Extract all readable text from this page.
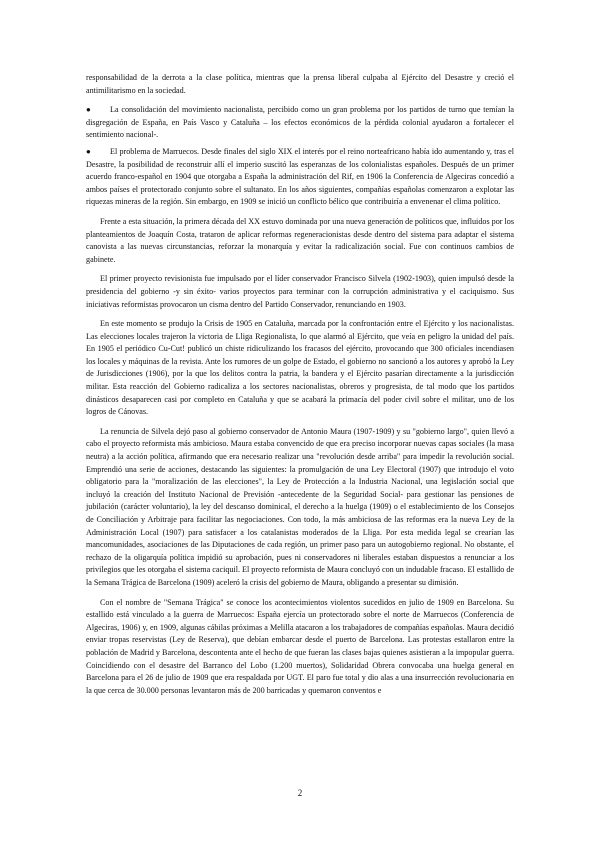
responsabilidad de la derrota a la clase política, mientras que la prensa liberal culpaba al Ejército del Desastre y creció el antimilitarismo en la sociedad.

● La consolidación del movimiento nacionalista, percibido como un gran problema por los partidos de turno que temían la disgregación de España, en País Vasco y Cataluña – los efectos económicos de la pérdida colonial ayudaron a fortalecer el sentimiento nacional-.

● El problema de Marruecos. Desde finales del siglo XIX el interés por el reino norteafricano había ido aumentando y, tras el Desastre, la posibilidad de reconstruir allí el imperio suscitó las esperanzas de los colonialistas españoles. Después de un primer acuerdo franco-español en 1904 que otorgaba a España la administración del Rif, en 1906 la Conferencia de Algeciras concedió a ambos países el protectorado conjunto sobre el sultanato. En los años siguientes, compañías españolas comenzaron a explotar las riquezas mineras de la región. Sin embargo, en 1909 se inició un conflicto bélico que contribuiría a envenenar el clima político.

Frente a esta situación, la primera década del XX estuvo dominada por una nueva generación de políticos que, influidos por los planteamientos de Joaquín Costa, trataron de aplicar reformas regeneracionistas desde dentro del sistema para adaptar el sistema canovista a las nuevas circunstancias, reforzar la monarquía y evitar la radicalización social. Fue con continuos cambios de gabinete.

El primer proyecto revisionista fue impulsado por el líder conservador Francisco Silvela (1902-1903), quien impulsó desde la presidencia del gobierno -y sin éxito- varios proyectos para terminar con la corrupción administrativa y el caciquismo. Sus iniciativas reformistas provocaron un cisma dentro del Partido Conservador, renunciando en 1903.

En este momento se produjo la Crisis de 1905 en Cataluña, marcada por la confrontación entre el Ejército y los nacionalistas. Las elecciones locales trajeron la victoria de Lliga Regionalista, lo que alarmó al Ejército, que veía en peligro la unidad del país. En 1905 el periódico Cu-Cut! publicó un chiste ridiculizando los fracasos del ejército, provocando que 300 oficiales incendiasen los locales y máquinas de la revista. Ante los rumores de un golpe de Estado, el gobierno no sancionó a los autores y aprobó la Ley de Jurisdicciones (1906), por la que los delitos contra la patria, la bandera y el Ejército pasarían directamente a la jurisdicción militar. Esta reacción del Gobierno radicaliza a los sectores nacionalistas, obreros y progresista, de tal modo que los partidos dinásticos desaparecen casi por completo en Cataluña y que se acabará la primacía del poder civil sobre el militar, uno de los logros de Cánovas.

La renuncia de Silvela dejó paso al gobierno conservador de Antonio Maura (1907-1909) y su "gobierno largo", quien llevó a cabo el proyecto reformista más ambicioso. Maura estaba convencido de que era preciso incorporar nuevas capas sociales (la masa neutra) a la acción política, afirmando que era necesario realizar una "revolución desde arriba" para impedir la revolución social. Emprendió una serie de acciones, destacando las siguientes: la promulgación de una Ley Electoral (1907) que introdujo el voto obligatorio para la "moralización de las elecciones", la Ley de Protección a la Industria Nacional, una legislación social que incluyó la creación del Instituto Nacional de Previsión -antecedente de la Seguridad Social- para gestionar las pensiones de jubilación (carácter voluntario), la ley del descanso dominical, el derecho a la huelga (1909) o el establecimiento de los Consejos de Conciliación y Arbitraje para facilitar las negociaciones. Con todo, la más ambiciosa de las reformas era la nueva Ley de la Administración Local (1907) para satisfacer a los catalanistas moderados de la Lliga. Por esta medida legal se crearían las mancomunidades, asociaciones de las Diputaciones de cada región, un primer paso para un autogobierno regional. No obstante, el rechazo de la oligarquía política impidió su aprobación, pues ni conservadores ni liberales estaban dispuestos a renunciar a los privilegios que les otorgaba el sistema caciquil. El proyecto reformista de Maura concluyó con un indudable fracaso. El estallido de la Semana Trágica de Barcelona (1909) aceleró la crisis del gobierno de Maura, obligando a presentar su dimisión.

Con el nombre de "Semana Trágica" se conoce los acontecimientos violentos sucedidos en julio de 1909 en Barcelona. Su estallido está vinculado a la guerra de Marruecos: España ejercía un protectorado sobre el norte de Marruecos (Conferencia de Algeciras, 1906) y, en 1909, algunas cábilas próximas a Melilla atacaron a los trabajadores de compañías españolas. Maura decidió enviar tropas reservistas (Ley de Reserva), que debían embarcar desde el puerto de Barcelona. Las protestas estallaron entre la población de Madrid y Barcelona, descontenta ante el hecho de que fueran las clases bajas quienes asistieran a la impopular guerra. Coincidiendo con el desastre del Barranco del Lobo (1.200 muertos), Solidaridad Obrera convocaba una huelga general en Barcelona para el 26 de julio de 1909 que era respaldada por UGT. El paro fue total y dio alas a una insurrección revolucionaria en la que cerca de 30.000 personas levantaron más de 200 barricadas y quemaron conventos e

2
